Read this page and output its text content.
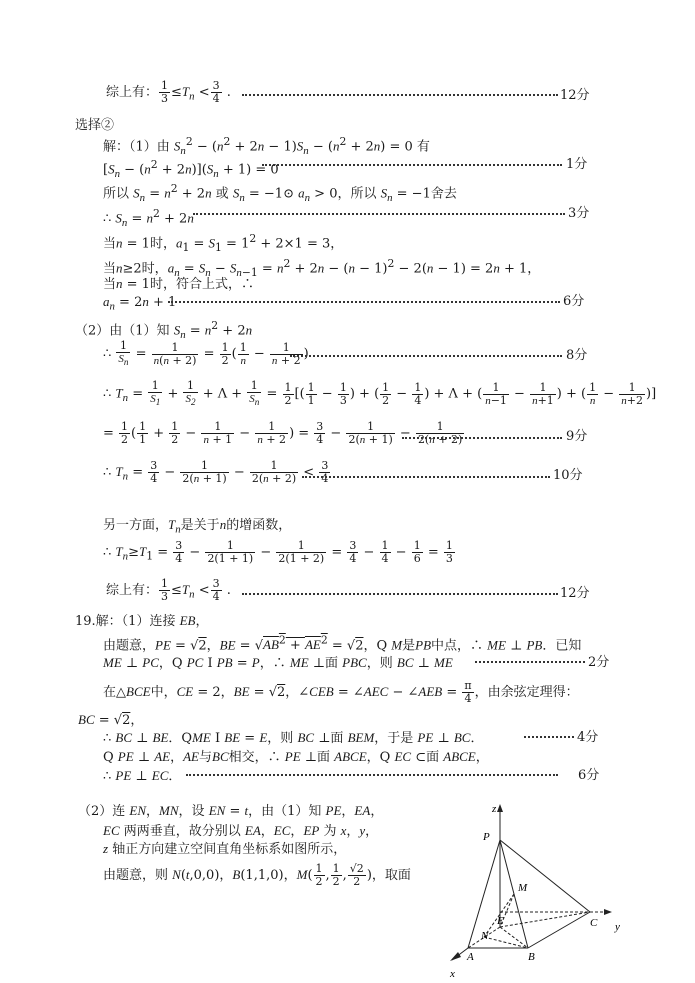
综上有： $\frac{1}{3} \le T_n < \frac{3}{4}$ .	12分
选择②
解：（1）由 $S_n^2 - (n^2 + 2n - 1)S_n - (n^2 + 2n) = 0$ 有
$[S_n - (n^2 + 2n)](S_n + 1) = 0$	1分
所以 $S_n = n^2 + 2n$ 或 $S_n$ = −1⊙ $a_n > 0$，所以 $S_n = -1$舍去
∴ $S_n = n^2 + 2n$	3分
当n = 1时，$a_1 = S_1 = 1^2 + 2\times 1 = 3$，
当n≥2时，$a_n = S_n - S_{n-1} = n^2 + 2n - (n - 1)^2 - 2(n - 1) = 2n + 1$，
当n = 1时，符合上式，∴
$a_n = 2n + 1$	6分
（2）由（1）知 $S_n = n^2 + 2n$
∴ $\frac{1}{S_n} = \frac{1}{n(n + 2)} = \frac{1}{2}$ ( $\frac{1}{n} - \frac{1}{n + 2}$ )	8分
∴ $T_n = \frac{1}{S_1} + \frac{1}{S_2} + \Lambda + \frac{1}{S_n} = \frac{1}{2}$ [( $\frac{1}{1} - \frac{1}{3}$ ) + ( $\frac{1}{2} - \frac{1}{4}$ ) + Λ + ( $\frac{1}{n-1} - \frac{1}{n+1}$ ) + ( $\frac{1}{n} - \frac{1}{n+2}$ )]
= $\frac{1}{2}$ ( $\frac{1}{1} + \frac{1}{2} - \frac{1}{n + 1} - \frac{1}{n + 2}$ ) = $\frac{3}{4} - \frac{1}{2(n + 1)} - \frac{1}{2(n + 2)}$	9分
∴ $T_n = \frac{3}{4} - \frac{1}{2(n + 1)} - \frac{1}{2(n + 2)} < \frac{3}{4}$	10分
另一方面，$T_n$是关于n的增函数，
∴ $T_n\ge T_1 = \frac{3}{4} - \frac{1}{2(1 + 1)} - \frac{1}{2(1 + 2)} = \frac{3}{4} - \frac{1}{4} - \frac{1}{6} = \frac{1}{3}$
综上有： $\frac{1}{3} \le T_n < \frac{3}{4}$ .	12分
19.解：（1）连接 EB，
由题意，PE = √2，BE = $√AB^2 + AE^2 = √2$，Q M是PB中点，∴ ME ⊥ PB．已知
ME ⊥ PC，Q PC I PB = P，∴ ME ⊥面 PBC，则 BC ⊥ ME	2分
在△BCE中，CE = 2，BE = √2，∠CEB = ∠AEC − ∠AEB = $\frac{\pi}{4}$ ，由余弦定理得：
BC = √2，
∴ BC ⊥ BE．QME I BE = E，则 BC ⊥面 BEM，于是 PE ⊥ BC．	4分
Q PE ⊥ AE，AE与BC相交，∴ PE ⊥面 ABCE，Q EC ⊂面 ABCE，
∴ PE ⊥ EC．	6分
（2）连 EN，MN，设 EN = t，由（1）知 PE，EA，
EC 两两垂直，故分别以 EA，EC，EP 为 x，y，
z 轴正方向建立空间直角坐标系如图所示，
由题意，则 N(t,0,0)，B(1,1,0)，$M( \frac{1}{2}$ , $\frac{1}{2}$ , $\frac{√2}{2}$ )，取面
z
P
M
E
N
A	B
C y
x
